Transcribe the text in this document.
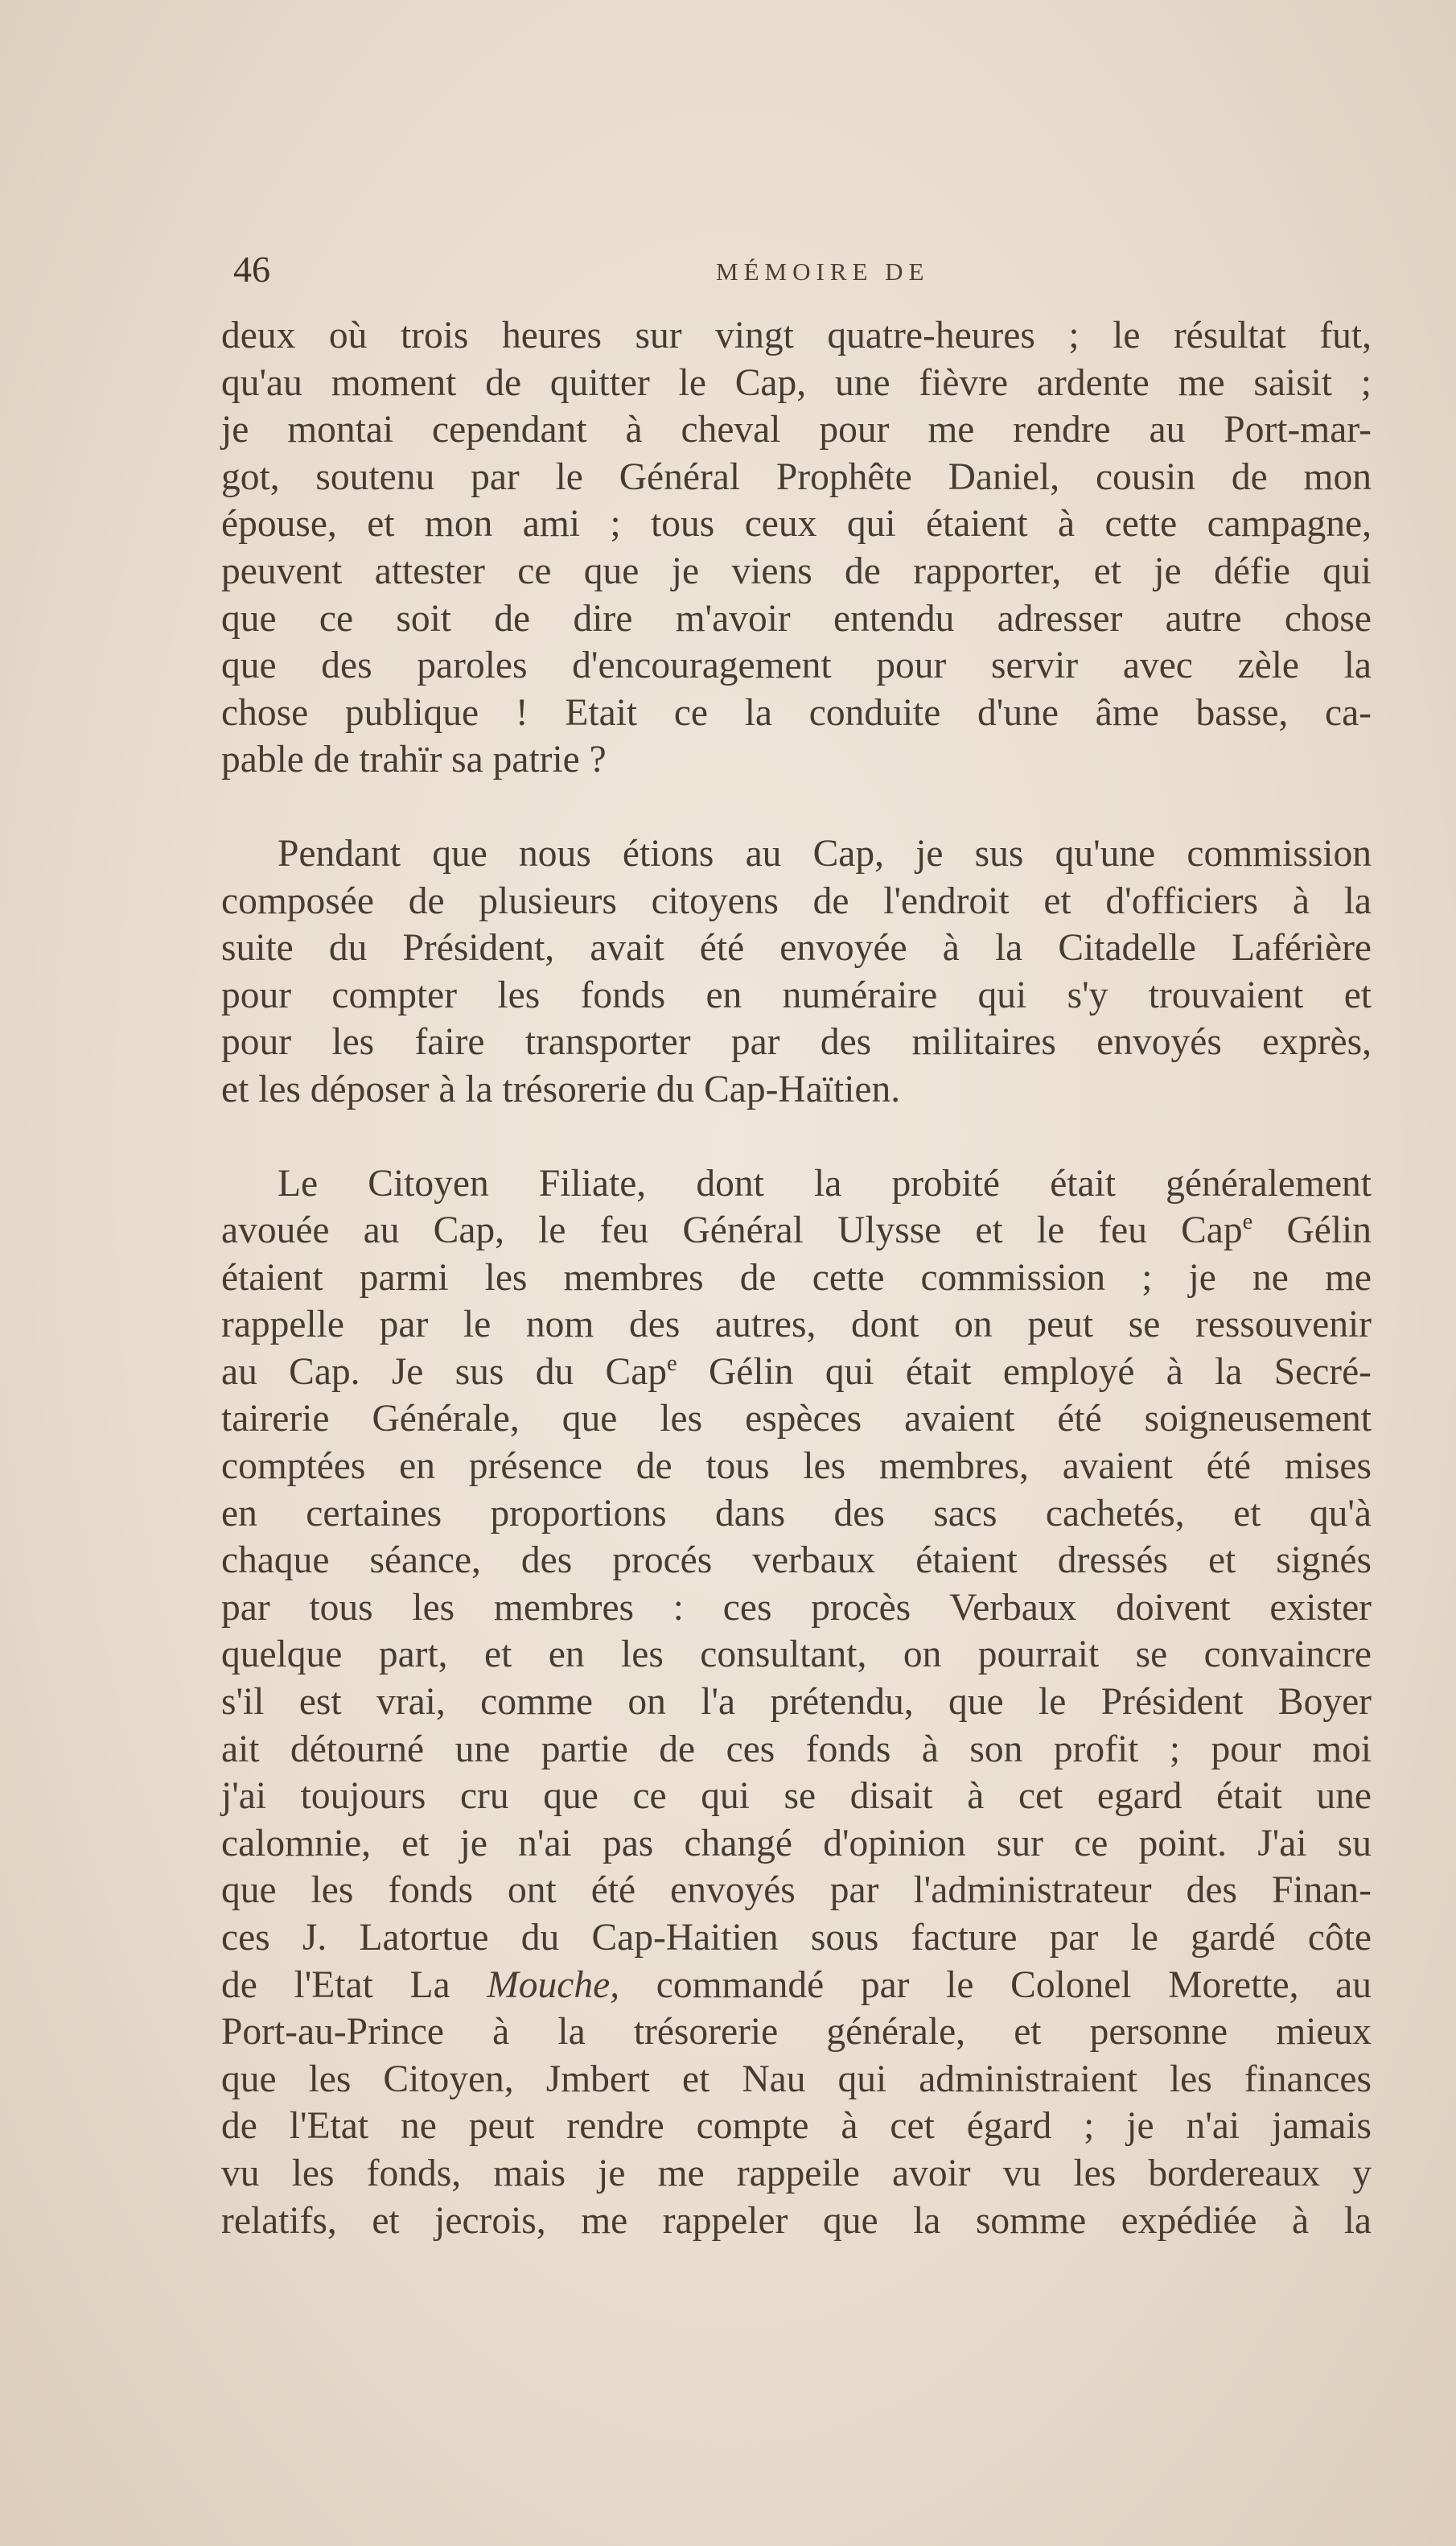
46	MÉMOIRE DE
deux où trois heures sur vingt quatre-heures ; le résultat fut,
qu'au moment de quitter le Cap, une fièvre ardente me saisit ;
je montai cependant à cheval pour me rendre au Port-mar-
got, soutenu par le Général Prophête Daniel, cousin de mon
épouse, et mon ami ; tous ceux qui étaient à cette campagne,
peuvent attester ce que je viens de rapporter, et je défie qui
que ce soit de dire m'avoir entendu adresser autre chose
que des paroles d'encouragement pour servir avec zèle la
chose publique ! Etait ce la conduite d'une âme basse, ca-
pable de trahïr sa patrie ?
Pendant que nous étions au Cap, je sus qu'une commission
composée de plusieurs citoyens de l'endroit et d'officiers à la
suite du Président, avait été envoyée à la Citadelle Laférière
pour compter les fonds en numéraire qui s'y trouvaient et
pour les faire transporter par des militaires envoyés exprès,
et les déposer à la trésorerie du Cap-Haïtien.
Le Citoyen Filiate, dont la probité était généralement
avouée au Cap, le feu Général Ulysse et le feu Cap$^e$ Gélin
étaient parmi les membres de cette commission ; je ne me
rappelle par le nom des autres, dont on peut se ressouvenir
au Cap. Je sus du Cap$^e$ Gélin qui était employé à la Secré-
tairerie Générale, que les espèces avaient été soigneusement
comptées en présence de tous les membres, avaient été mises
en certaines proportions dans des sacs cachetés, et qu'à
chaque séance, des procés verbaux étaient dressés et signés
par tous les membres : ces procès Verbaux doivent exister
quelque part, et en les consultant, on pourrait se convaincre
s'il est vrai, comme on l'a prétendu, que le Président Boyer
ait détourné une partie de ces fonds à son profit ; pour moi
j'ai toujours cru que ce qui se disait à cet egard était une
calomnie, et je n'ai pas changé d'opinion sur ce point. J'ai su
que les fonds ont été envoyés par l'administrateur des Finan-
ces J. Latortue du Cap-Haitien sous facture par le gardé côte
de l'Etat La Mouche, commandé par le Colonel Morette, au
Port-au-Prince à la trésorerie générale, et personne mieux
que les Citoyen, Jmbert et Nau qui administraient les finances
de l'Etat ne peut rendre compte à cet égard ; je n'ai jamais
vu les fonds, mais je me rappeile avoir vu les bordereaux y
relatifs, et jecrois, me rappeler que la somme expédiée à la
